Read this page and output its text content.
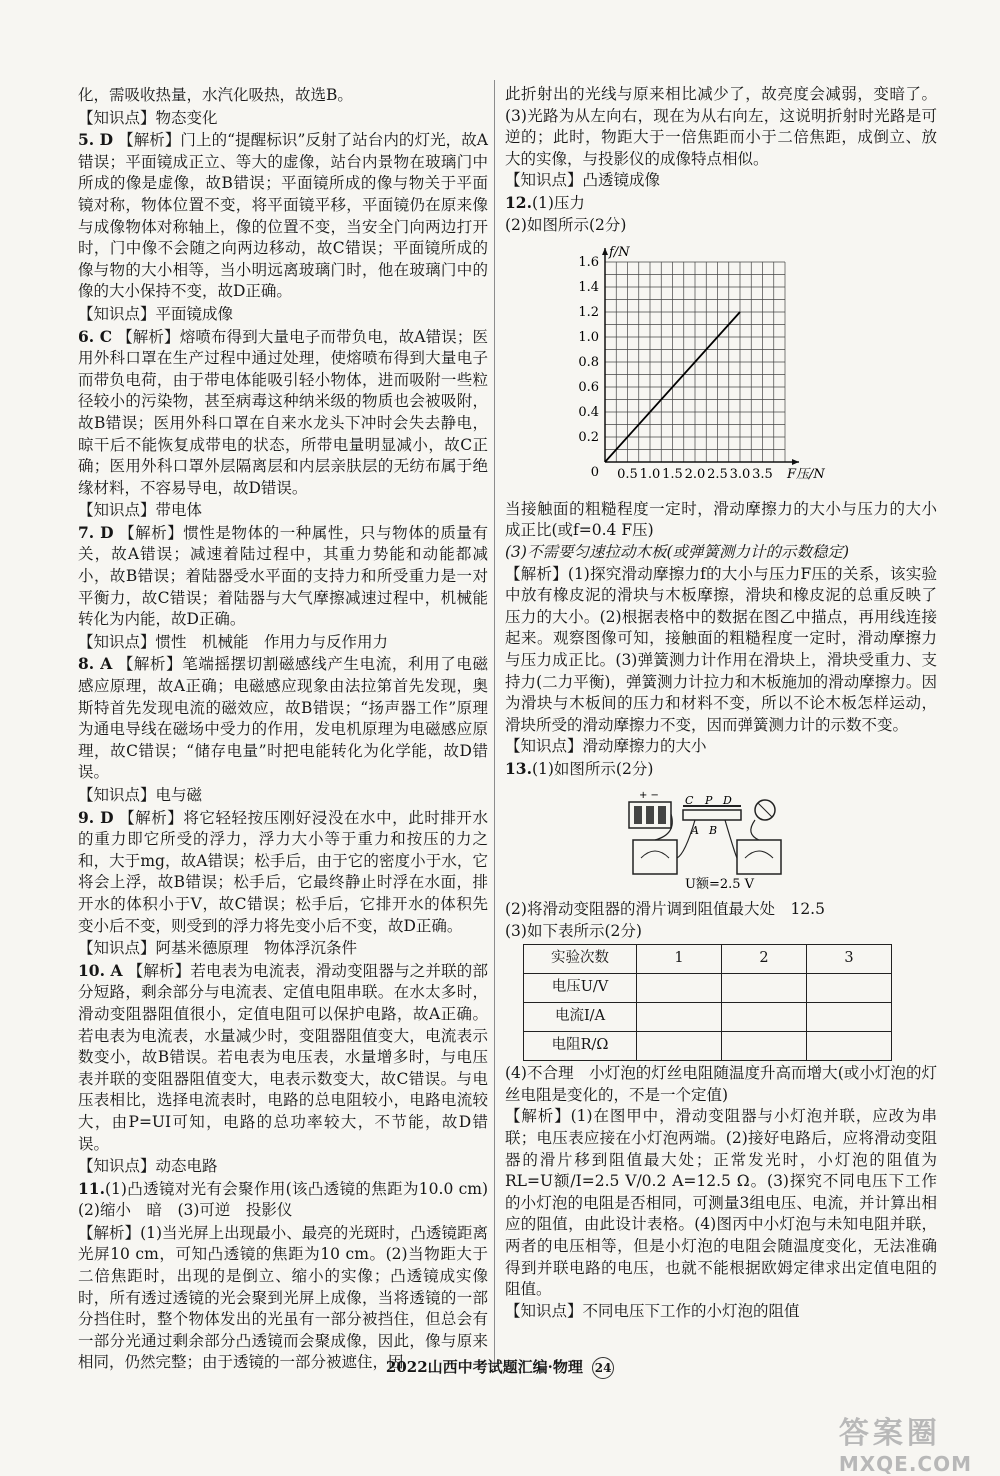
化，需吸收热量，水汽化吸热，故选B。

【知识点】物态变化

5. D 【解析】门上的“提醒标识”反射了站台内的灯光，故A错误；平面镜成正立、等大的虚像，站台内景物在玻璃门中所成的像是虚像，故B错误；平面镜所成的像与物关于平面镜对称，物体位置不变，将平面镜平移，平面镜仍在原来像与成像物体对称轴上，像的位置不变，当安全门向两边打开时，门中像不会随之向两边移动，故C错误；平面镜所成的像与物的大小相等，当小明远离玻璃门时，他在玻璃门中的像的大小保持不变，故D正确。

【知识点】平面镜成像

6. C 【解析】熔喷布得到大量电子而带负电，故A错误；医用外科口罩在生产过程中通过处理，使熔喷布得到大量电子而带负电荷，由于带电体能吸引轻小物体，进而吸附一些粒径较小的污染物，甚至病毒这种纳米级的物质也会被吸附，故B错误；医用外科口罩在自来水龙头下冲时会失去静电，晾干后不能恢复成带电的状态，所带电量明显减小，故C正确；医用外科口罩外层隔离层和内层亲肤层的无纺布属于绝缘材料，不容易导电，故D错误。

【知识点】带电体

7. D 【解析】惯性是物体的一种属性，只与物体的质量有关，故A错误；减速着陆过程中，其重力势能和动能都减小，故B错误；着陆器受水平面的支持力和所受重力是一对平衡力，故C错误；着陆器与大气摩擦减速过程中，机械能转化为内能，故D正确。

【知识点】惯性　机械能　作用力与反作用力

8. A 【解析】笔端摇摆切割磁感线产生电流，利用了电磁感应原理，故A正确；电磁感应现象由法拉第首先发现，奥斯特首先发现电流的磁效应，故B错误；“扬声器工作”原理为通电导线在磁场中受力的作用，发电机原理为电磁感应原理，故C错误；“储存电量”时把电能转化为化学能，故D错误。

【知识点】电与磁

9. D 【解析】将它轻轻按压刚好浸没在水中，此时排开水的重力即它所受的浮力，浮力大小等于重力和按压的力之和，大于mg，故A错误；松手后，由于它的密度小于水，它将会上浮，故B错误；松手后，它最终静止时浮在水面，排开水的体积小于V，故C错误；松手后，它排开水的体积先变小后不变，则受到的浮力将先变小后不变，故D正确。

【知识点】阿基米德原理　物体浮沉条件

10. A 【解析】若电表为电流表，滑动变阻器与之并联的部分短路，剩余部分与电流表、定值电阻串联。在水太多时，滑动变阻器阻值很小，定值电阻可以保护电路，故A正确。若电表为电流表，水量减少时，变阻器阻值变大，电流表示数变小，故B错误。若电表为电压表，水量增多时，与电压表并联的变阻器阻值变大，电表示数变大，故C错误。与电压表相比，选择电流表时，电路的总电阻较小，电路电流较大，由P=UI可知，电路的总功率较大，不节能，故D错误。

【知识点】动态电路

11.(1)凸透镜对光有会聚作用(该凸透镜的焦距为10.0 cm)　(2)缩小　暗　(3)可逆　投影仪

【解析】(1)当光屏上出现最小、最亮的光斑时，凸透镜距离光屏10 cm，可知凸透镜的焦距为10 cm。(2)当物距大于二倍焦距时，出现的是倒立、缩小的实像；凸透镜成实像时，所有透过透镜的光会聚到光屏上成像，当将透镜的一部分挡住时，整个物体发出的光虽有一部分被挡住，但总会有一部分光通过剩余部分凸透镜而会聚成像，因此，像与原来相同，仍然完整；由于透镜的一部分被遮住，因

此折射出的光线与原来相比减少了，故亮度会减弱，变暗了。(3)光路为从左向右，现在为从右向左，这说明折射时光路是可逆的；此时，物距大于一倍焦距而小于二倍焦距，成倒立、放大的实像，与投影仪的成像特点相似。

【知识点】凸透镜成像

12.(1)压力

(2)如图所示(2分)

0.5 1.0 1.5 2.0 2.5 3.0 3.5
0.2
0.4
0.6
0.8
1.0
1.2
1.4
1.6
0	F压/N
f/N

当接触面的粗糙程度一定时，滑动摩擦力的大小与压力的大小成正比(或f=0.4 F压)

(3)不需要匀速拉动木板(或弹簧测力计的示数稳定)

【解析】(1)探究滑动摩擦力f的大小与压力F压的关系，该实验中放有橡皮泥的滑块与木板摩擦，滑块和橡皮泥的总重反映了压力的大小。(2)根据表格中的数据在图乙中描点，再用线连接起来。观察图像可知，接触面的粗糙程度一定时，滑动摩擦力与压力成正比。(3)弹簧测力计作用在滑块上，滑块受重力、支持力(二力平衡)，弹簧测力计拉力和木板施加的滑动摩擦力。因为滑块与木板间的压力和材料不变，所以不论木板怎样运动，滑块所受的滑动摩擦力不变，因而弹簧测力计的示数不变。

【知识点】滑动摩擦力的大小

13.(1)如图所示(2分)

+ − C P D
A B
U额=2.5 V

(2)将滑动变阻器的滑片调到阻值最大处　12.5

(3)如下表所示(2分)

实验次数	1	2	3
电压U/V			
电流I/A			
电阻R/Ω			

(4)不合理　小灯泡的灯丝电阻随温度升高而增大(或小灯泡的灯丝电阻是变化的，不是一个定值)

【解析】(1)在图甲中，滑动变阻器与小灯泡并联，应改为串联；电压表应接在小灯泡两端。(2)接好电路后，应将滑动变阻器的滑片移到阻值最大处；正常发光时，小灯泡的阻值为RL=U额/I=2.5 V/0.2 A=12.5 Ω。(3)探究不同电压下工作的小灯泡的电阻是否相同，可测量3组电压、电流，并计算出相应的阻值，由此设计表格。(4)图丙中小灯泡与未知电阻并联，两者的电压相等，但是小灯泡的电阻会随温度变化，无法准确得到并联电路的电压，也就不能根据欧姆定律求出定值电阻的阻值。

【知识点】不同电压下工作的小灯泡的阻值

2022山西中考试题汇编·物理 24
答案圈
MXQE.COM
